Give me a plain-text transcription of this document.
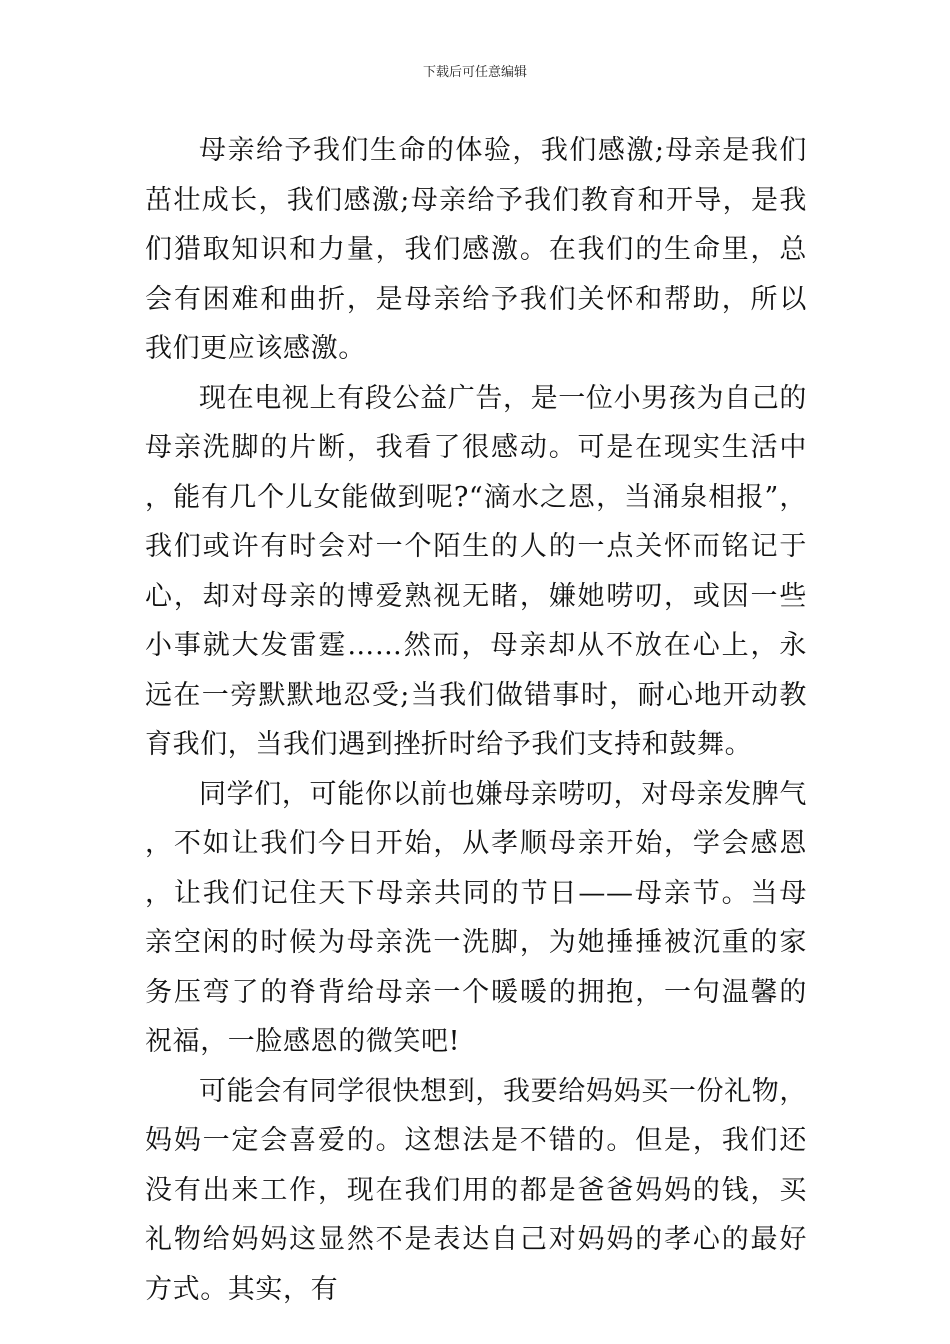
下载后可任意编辑

母亲给予我们生命的体验，我们感激;母亲是我们茁壮成长，我们感激;母亲给予我们教育和开导，是我们猎取知识和力量，我们感激。在我们的生命里，总会有困难和曲折，是母亲给予我们关怀和帮助，所以我们更应该感激。

现在电视上有段公益广告，是一位小男孩为自己的母亲洗脚的片断，我看了很感动。可是在现实生活中，能有几个儿女能做到呢?“滴水之恩，当涌泉相报”，我们或许有时会对一个陌生的人的一点关怀而铭记于心，却对母亲的博爱熟视无睹，嫌她唠叨，或因一些小事就大发雷霆……然而，母亲却从不放在心上，永远在一旁默默地忍受;当我们做错事时，耐心地开动教育我们，当我们遇到挫折时给予我们支持和鼓舞。

同学们，可能你以前也嫌母亲唠叨，对母亲发脾气，不如让我们今日开始，从孝顺母亲开始，学会感恩，让我们记住天下母亲共同的节日——母亲节。当母亲空闲的时候为母亲洗一洗脚，为她捶捶被沉重的家务压弯了的脊背给母亲一个暖暖的拥抱，一句温馨的祝福，一脸感恩的微笑吧!

可能会有同学很快想到，我要给妈妈买一份礼物，妈妈一定会喜爱的。这想法是不错的。但是，我们还没有出来工作，现在我们用的都是爸爸妈妈的钱，买礼物给妈妈这显然不是表达自己对妈妈的孝心的最好方式。其实，有
